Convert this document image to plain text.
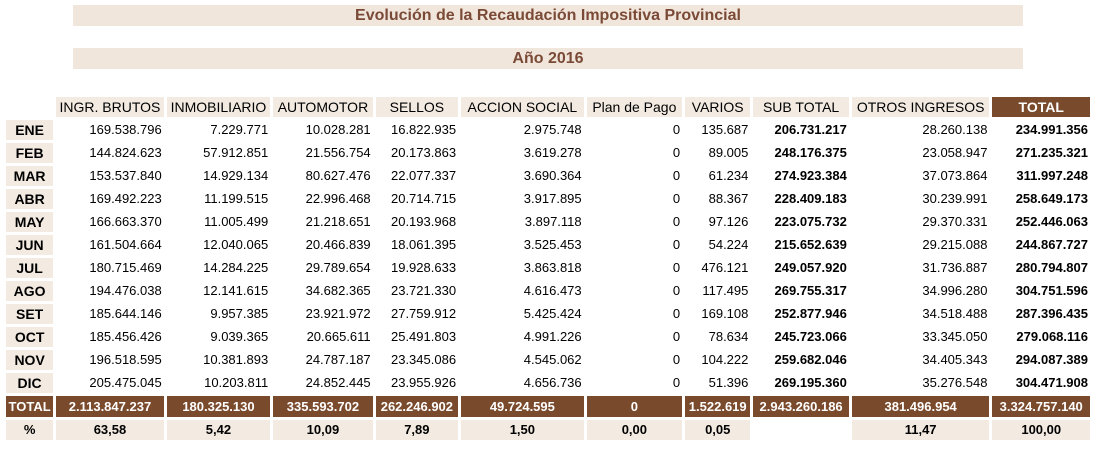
Evolución de la Recaudación Impositiva Provincial
Año 2016
	INGR. BRUTOS	INMOBILIARIO	AUTOMOTOR	SELLOS	ACCION SOCIAL	Plan de Pago	VARIOS	SUB TOTAL	OTROS INGRESOS	TOTAL
ENE	169.538.796	7.229.771	10.028.281	16.822.935	2.975.748	0	135.687	206.731.217	28.260.138	234.991.356
FEB	144.824.623	57.912.851	21.556.754	20.173.863	3.619.278	0	89.005	248.176.375	23.058.947	271.235.321
MAR	153.537.840	14.929.134	80.627.476	22.077.337	3.690.364	0	61.234	274.923.384	37.073.864	311.997.248
ABR	169.492.223	11.199.515	22.996.468	20.714.715	3.917.895	0	88.367	228.409.183	30.239.991	258.649.173
MAY	166.663.370	11.005.499	21.218.651	20.193.968	3.897.118	0	97.126	223.075.732	29.370.331	252.446.063
JUN	161.504.664	12.040.065	20.466.839	18.061.395	3.525.453	0	54.224	215.652.639	29.215.088	244.867.727
JUL	180.715.469	14.284.225	29.789.654	19.928.633	3.863.818	0	476.121	249.057.920	31.736.887	280.794.807
AGO	194.476.038	12.141.615	34.682.365	23.721.330	4.616.473	0	117.495	269.755.317	34.996.280	304.751.596
SET	185.644.146	9.957.385	23.921.972	27.759.912	5.425.424	0	169.108	252.877.946	34.518.488	287.396.435
OCT	185.456.426	9.039.365	20.665.611	25.491.803	4.991.226	0	78.634	245.723.066	33.345.050	279.068.116
NOV	196.518.595	10.381.893	24.787.187	23.345.086	4.545.062	0	104.222	259.682.046	34.405.343	294.087.389
DIC	205.475.045	10.203.811	24.852.445	23.955.926	4.656.736	0	51.396	269.195.360	35.276.548	304.471.908
TOTAL	2.113.847.237	180.325.130	335.593.702	262.246.902	49.724.595	0	1.522.619	2.943.260.186	381.496.954	3.324.757.140
%	63,58	5,42	10,09	7,89	1,50	0,00	0,05		11,47	100,00
